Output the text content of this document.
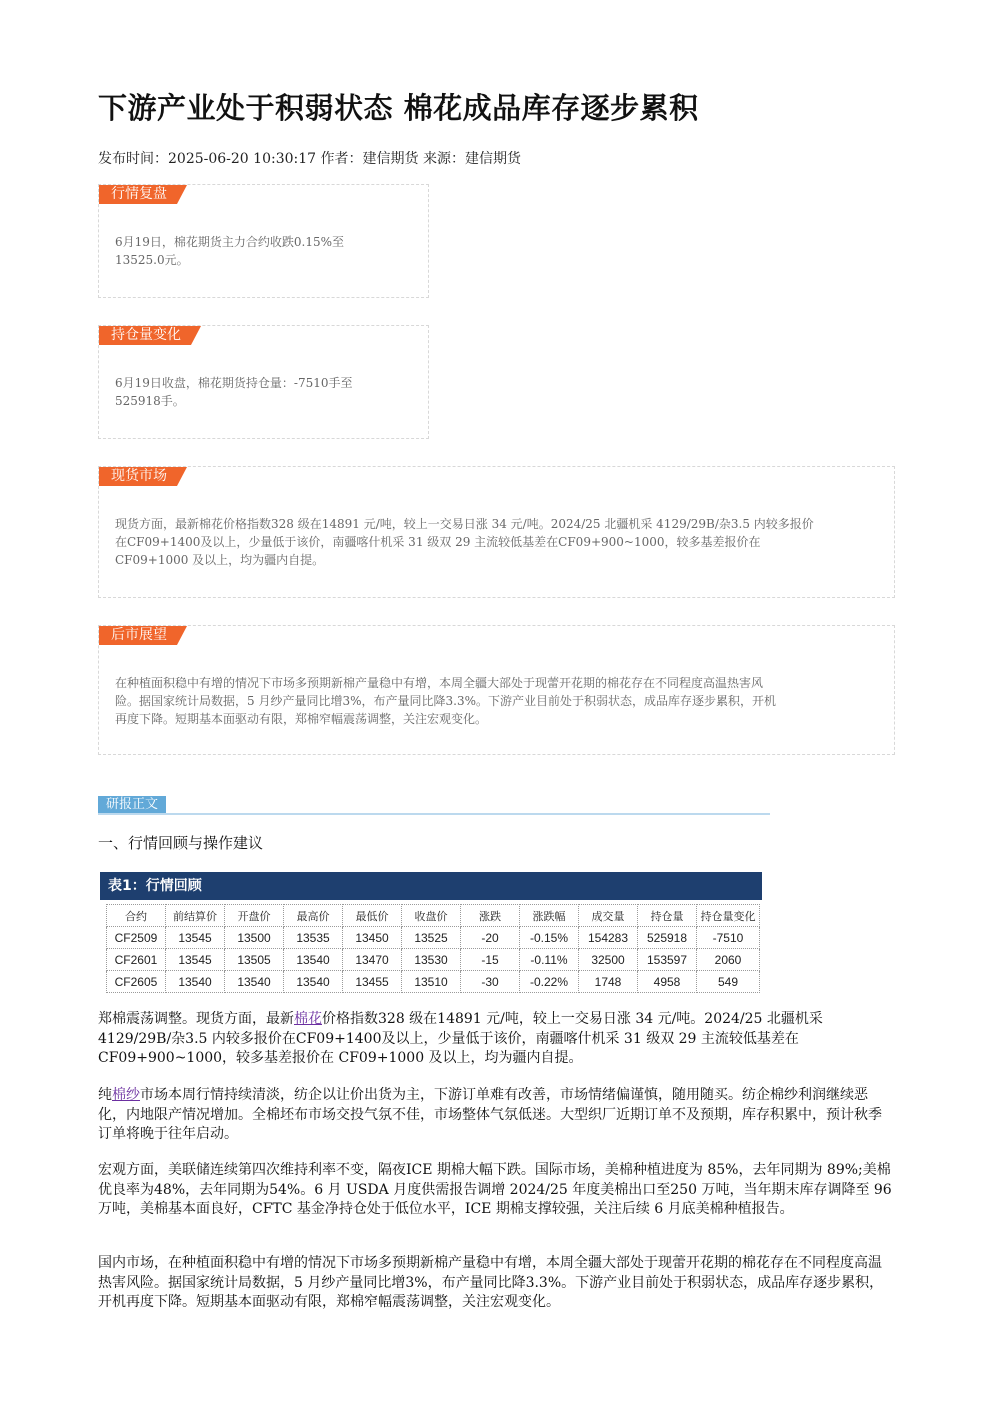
下游产业处于积弱状态 棉花成品库存逐步累积
发布时间：2025-06-20 10:30:17 作者：建信期货 来源：建信期货
行情复盘
6月19日，棉花期货主力合约收跌0.15%至
13525.0元。
持仓量变化
6月19日收盘，棉花期货持仓量：-7510手至
525918手。
现货市场
现货方面，最新棉花价格指数328 级在14891 元/吨，较上一交易日涨 34 元/吨。2024/25 北疆机采 4129/29B/杂3.5 内较多报价
在CF09+1400及以上，少量低于该价，南疆喀什机采 31 级双 29 主流较低基差在CF09+900~1000，较多基差报价在
CF09+1000 及以上，均为疆内自提。
后市展望
在种植面积稳中有增的情况下市场多预期新棉产量稳中有增，本周全疆大部处于现蕾开花期的棉花存在不同程度高温热害风
险。据国家统计局数据，5 月纱产量同比增3%，布产量同比降3.3%。下游产业目前处于积弱状态，成品库存逐步累积，开机
再度下降。短期基本面驱动有限，郑棉窄幅震荡调整，关注宏观变化。
研报正文
一、行情回顾与操作建议
表1：行情回顾
合约	前结算价	开盘价	最高价	最低价	收盘价	涨跌	涨跌幅	成交量	持仓量	持仓量变化
CF2509	13545	13500	13535	13450	13525	-20	-0.15%	154283	525918	-7510
CF2601	13545	13505	13540	13470	13530	-15	-0.11%	32500	153597	2060
CF2605	13540	13540	13540	13455	13510	-30	-0.22%	1748	4958	549

郑棉震荡调整。现货方面，最新棉花价格指数328 级在14891 元/吨，较上一交易日涨 34 元/吨。2024/25 北疆机采 4129/29B/杂3.5 内较多报价在CF09+1400及以上，少量低于该价，南疆喀什机采 31 级双 29 主流较低基差在 CF09+900~1000，较多基差报价在 CF09+1000 及以上，均为疆内自提。

纯棉纱市场本周行情持续清淡，纺企以让价出货为主，下游订单难有改善，市场情绪偏谨慎，随用随买。纺企棉纱利润继续恶化，内地限产情况增加。全棉坯布市场交投气氛不佳，市场整体气氛低迷。大型织厂近期订单不及预期，库存积累中，预计秋季订单将晚于往年启动。

宏观方面，美联储连续第四次维持利率不变，隔夜ICE 期棉大幅下跌。国际市场，美棉种植进度为 85%，去年同期为 89%;美棉优良率为48%，去年同期为54%。6 月 USDA 月度供需报告调增 2024/25 年度美棉出口至250 万吨，当年期末库存调降至 96 万吨，美棉基本面良好，CFTC 基金净持仓处于低位水平，ICE 期棉支撑较强，关注后续 6 月底美棉种植报告。

国内市场，在种植面积稳中有增的情况下市场多预期新棉产量稳中有增，本周全疆大部处于现蕾开花期的棉花存在不同程度高温热害风险。据国家统计局数据，5 月纱产量同比增3%，布产量同比降3.3%。下游产业目前处于积弱状态，成品库存逐步累积，开机再度下降。短期基本面驱动有限，郑棉窄幅震荡调整，关注宏观变化。
